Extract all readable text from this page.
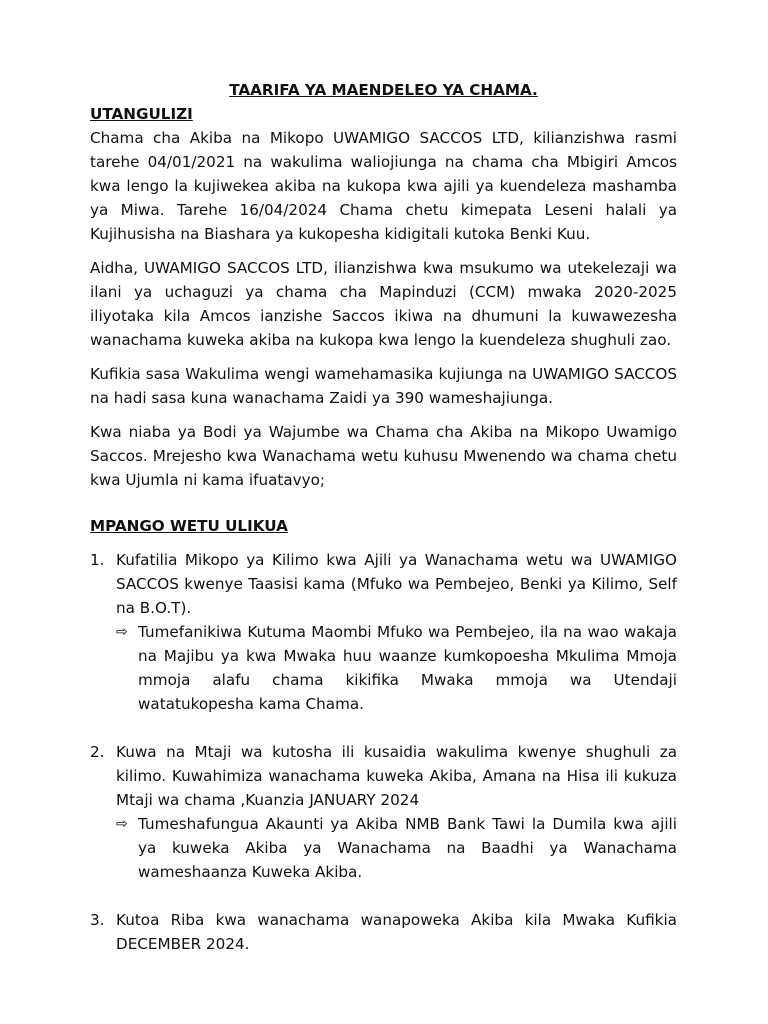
TAARIFA YA MAENDELEO YA CHAMA.

UTANGULIZI

Chama cha Akiba na Mikopo UWAMIGO SACCOS LTD, kilianzishwa rasmi tarehe 04/01/2021 na wakulima waliojiunga na chama cha Mbigiri Amcos kwa lengo la kujiwekea akiba na kukopa kwa ajili ya kuendeleza mashamba ya Miwa. Tarehe 16/04/2024 Chama chetu kimepata Leseni halali ya Kujihusisha na Biashara ya kukopesha kidigitali kutoka Benki Kuu.

Aidha, UWAMIGO SACCOS LTD, ilianzishwa kwa msukumo wa utekelezaji wa ilani ya uchaguzi ya chama cha Mapinduzi (CCM) mwaka 2020-2025 iliyotaka kila Amcos ianzishe Saccos ikiwa na dhumuni la kuwawezesha wanachama kuweka akiba na kukopa kwa lengo la kuendeleza shughuli zao.

Kufikia sasa Wakulima wengi wamehamasika kujiunga na UWAMIGO SACCOS na hadi sasa kuna wanachama Zaidi ya 390 wameshajiunga.

Kwa niaba ya Bodi ya Wajumbe wa Chama cha Akiba na Mikopo Uwamigo Saccos. Mrejesho kwa Wanachama wetu kuhusu Mwenendo wa chama chetu kwa Ujumla ni kama ifuatavyo;

MPANGO WETU ULIKUA

1. Kufatilia Mikopo ya Kilimo kwa Ajili ya Wanachama wetu wa UWAMIGO SACCOS kwenye Taasisi kama (Mfuko wa Pembejeo, Benki ya Kilimo, Self na B.O.T).

⇨ Tumefanikiwa Kutuma Maombi Mfuko wa Pembejeo, ila na wao wakaja na Majibu ya kwa Mwaka huu waanze kumkopoesha Mkulima Mmoja mmoja alafu chama kikifika Mwaka mmoja wa Utendaji watatukopesha kama Chama.

2. Kuwa na Mtaji wa kutosha ili kusaidia wakulima kwenye shughuli za kilimo. Kuwahimiza wanachama kuweka Akiba, Amana na Hisa ili kukuza Mtaji wa chama ,Kuanzia JANUARY 2024

⇨ Tumeshafungua Akaunti ya Akiba NMB Bank Tawi la Dumila kwa ajili ya kuweka Akiba ya Wanachama na Baadhi ya Wanachama wameshaanza Kuweka Akiba.

3. Kutoa Riba kwa wanachama wanapoweka Akiba kila Mwaka Kufikia DECEMBER 2024.
